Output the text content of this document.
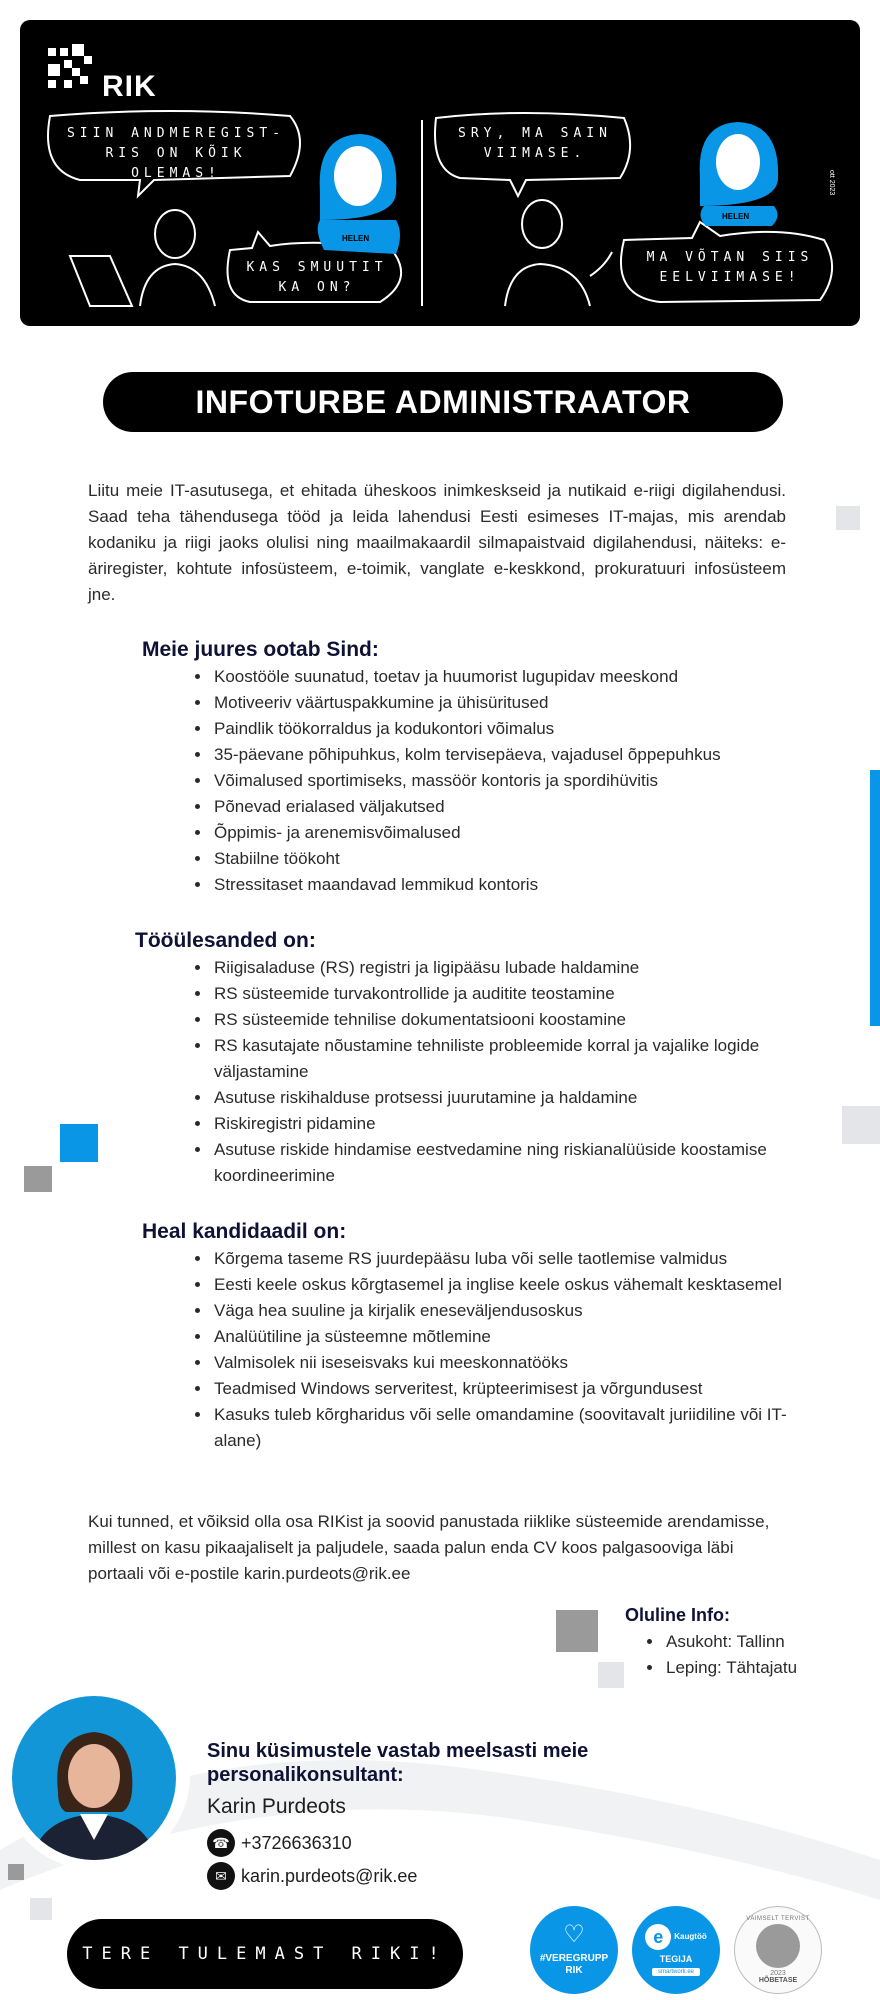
RIK
SIIN ANDMEREGIST-
RIS ON KÕIK
OLEMAS!
KAS SMUUTIT
KA ON?
SRY, MA SAIN
VIIMASE.
MA VÕTAN SIIS
EELVIIMASE!
HELEN
HELEN
ott 2023
INFOTURBE ADMINISTRAATOR
Liitu meie IT-asutusega, et ehitada üheskoos inimkeskseid ja nutikaid e-riigi digilahendusi. Saad teha tähendusega tööd ja leida lahendusi Eesti esimeses IT-majas, mis arendab kodaniku ja riigi jaoks olulisi ning maailmakaardil silmapaistvaid digilahendusi, näiteks: e-äriregister, kohtute infosüsteem, e-toimik, vanglate e-keskkond, prokuratuuri infosüsteem jne.
Meie juures ootab Sind:
• Koostööle suunatud, toetav ja huumorist lugupidav meeskond
• Motiveeriv väärtuspakkumine ja ühisüritused
• Paindlik töökorraldus ja kodukontori võimalus
• 35-päevane põhipuhkus, kolm tervisepäeva, vajadusel õppepuhkus
• Võimalused sportimiseks, massöör kontoris ja spordihüvitis
• Põnevad erialased väljakutsed
• Õppimis- ja arenemisvõimalused
• Stabiilne töökoht
• Stressitaset maandavad lemmikud kontoris
Tööülesanded on:
• Riigisaladuse (RS) registri ja ligipääsu lubade haldamine
• RS süsteemide turvakontrollide ja auditite teostamine
• RS süsteemide tehnilise dokumentatsiooni koostamine
• RS kasutajate nõustamine tehniliste probleemide korral ja vajalike logide väljastamine
• Asutuse riskihalduse protsessi juurutamine ja haldamine
• Riskiregistri pidamine
• Asutuse riskide hindamise eestvedamine ning riskianalüüside koostamise koordineerimine
Heal kandidaadil on:
• Kõrgema taseme RS juurdepääsu luba või selle taotlemise valmidus
• Eesti keele oskus kõrgtasemel ja inglise keele oskus vähemalt kesktasemel
• Väga hea suuline ja kirjalik eneseväljendusoskus
• Analüütiline ja süsteemne mõtlemine
• Valmisolek nii iseseisvaks kui meeskonnatööks
• Teadmised Windows serveritest, krüpteerimisest ja võrgundusest
• Kasuks tuleb kõrgharidus või selle omandamine (soovitavalt juriidiline või IT-alane)
Kui tunned, et võiksid olla osa RIKist ja soovid panustada riiklike süsteemide arendamisse, millest on kasu pikaajaliselt ja paljudele, saada palun enda CV koos palgasooviga läbi portaali või e-postile karin.purdeots@rik.ee
Oluline Info:
• Asukoht: Tallinn
• Leping: Tähtajatu
Sinu küsimustele vastab meelsasti meie personalikonsultant:
Karin Purdeots
☎ +3726636310
✉ karin.purdeots@rik.ee
TERE TULEMAST RIKI!
♡
#VEREGRUPP
RIK
e	Kaugtöö
TEGIJA
smartwork.ee
VAIMSELT TERVIST
2023
HÕBETASE
